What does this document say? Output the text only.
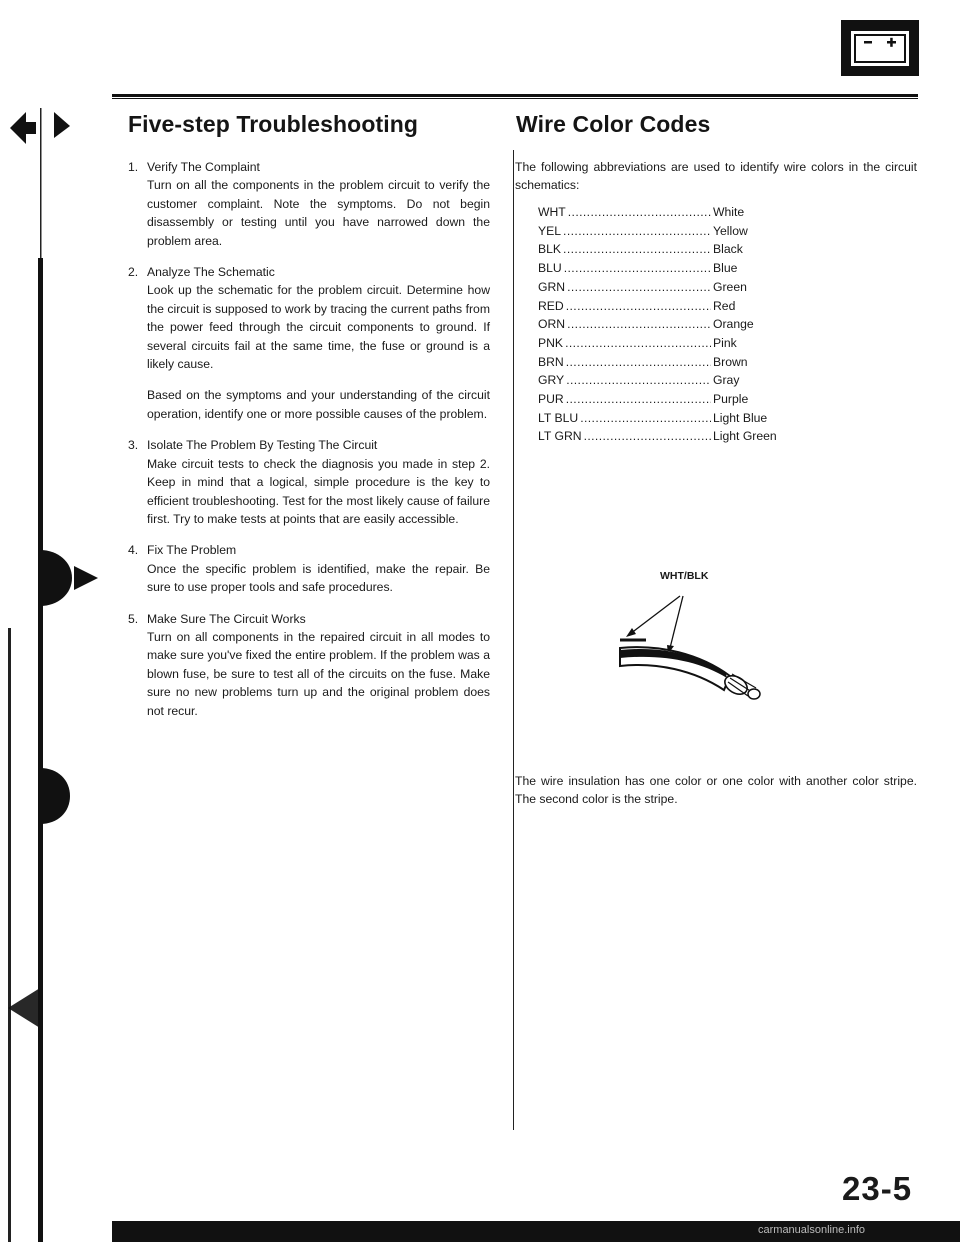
Five-step Troubleshooting
1. Verify The Complaint
Turn on all the components in the problem circuit to verify the customer complaint. Note the symptoms. Do not begin disassembly or testing until you have narrowed down the problem area.
2. Analyze The Schematic
Look up the schematic for the problem circuit. Determine how the circuit is supposed to work by tracing the current paths from the power feed through the circuit components to ground. If several circuits fail at the same time, the fuse or ground is a likely cause.
Based on the symptoms and your understanding of the circuit operation, identify one or more possible causes of the problem.
3. Isolate The Problem By Testing The Circuit
Make circuit tests to check the diagnosis you made in step 2. Keep in mind that a logical, simple procedure is the key to efficient troubleshooting. Test for the most likely cause of failure first. Try to make tests at points that are easily accessible.
4. Fix The Problem
Once the specific problem is identified, make the repair. Be sure to use proper tools and safe procedures.
5. Make Sure The Circuit Works
Turn on all components in the repaired circuit in all modes to make sure you've fixed the entire problem. If the problem was a blown fuse, be sure to test all of the circuits on the fuse. Make sure no new problems turn up and the original problem does not recur.
Wire Color Codes
The following abbreviations are used to identify wire colors in the circuit schematics:
WHT .....	White
YEL .....	Yellow
BLK .....	Black
BLU .....	Blue
GRN .....	Green
RED .....	Red
ORN .....	Orange
PNK .....	Pink
BRN .....	Brown
GRY .....	Gray
PUR .....	Purple
LT BLU .....	Light Blue
LT GRN .....	Light Green
The wire insulation has one color or one color with another color stripe. The second color is the stripe.
WHT/BLK
23-5
carmanualsonline.info
